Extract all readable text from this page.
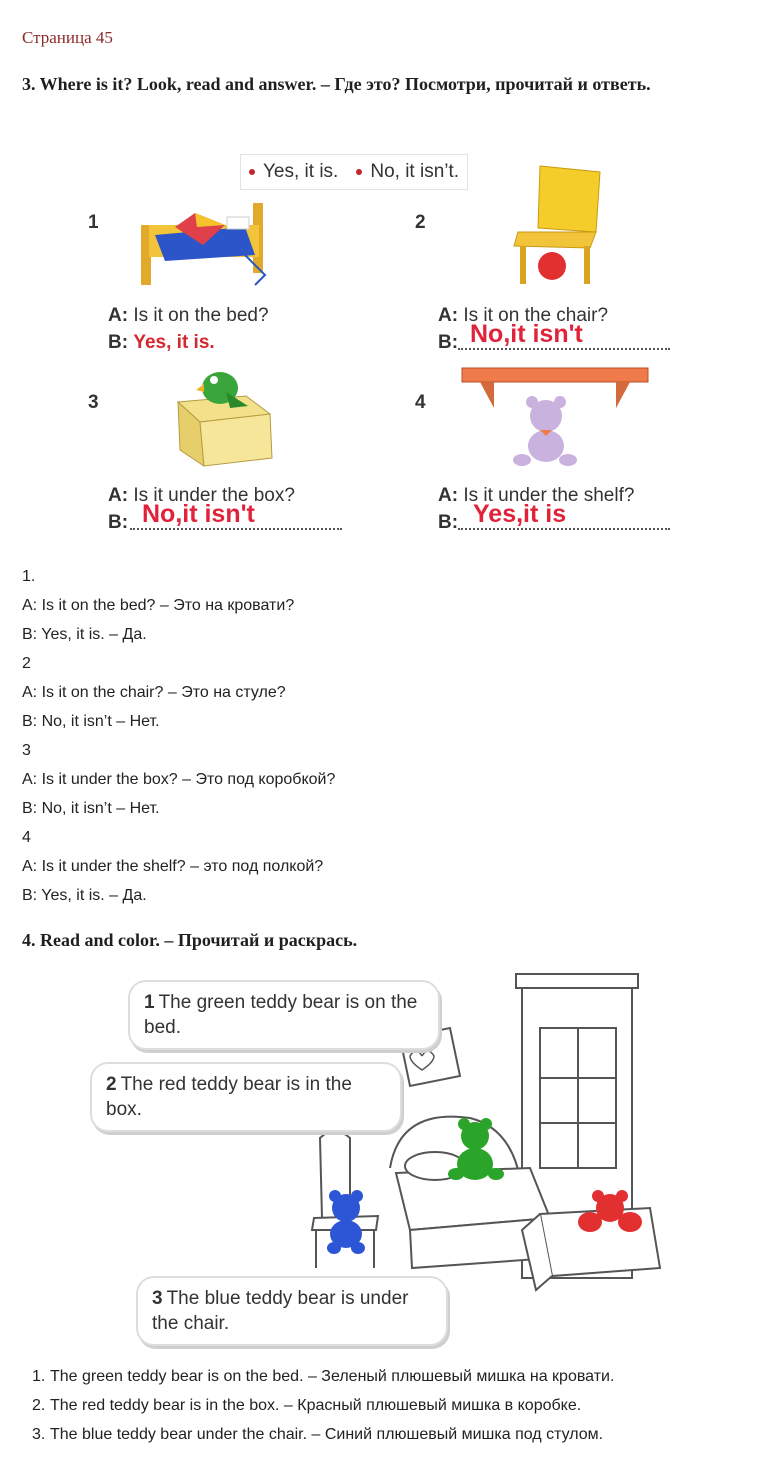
Страница 45
3. Where is it? Look, read and answer. – Где это? Посмотри, прочитай и ответь.
Yes, it is.	No, it isn’t.
1
A: Is it on the bed?
B: Yes, it is.
2
A: Is it on the chair?
B: No,it isn't
3
A: Is it under the box?
B: No,it isn't
4
A: Is it under the shelf?
B: Yes,it is
1.
A: Is it on the bed? – Это на кровати?
B: Yes, it is. – Да.
2
A: Is it on the chair? – Это на стуле?
B: No, it isn’t – Нет.
3
A: Is it under the box? – Это под коробкой?
B: No, it isn’t – Нет.
4
A: Is it under the shelf? – это под полкой?
B: Yes, it is. – Да.
4. Read and color. – Прочитай и раскрась.
1 The green teddy bear is on the bed.
2 The red teddy bear is in the box.
3 The blue teddy bear is under the chair.
1. The green teddy bear is on the bed. – Зеленый плюшевый мишка на кровати.
2. The red teddy bear is in the box. – Красный плюшевый мишка в коробке.
3. The blue teddy bear under the chair. – Синий плюшевый мишка под стулом.
